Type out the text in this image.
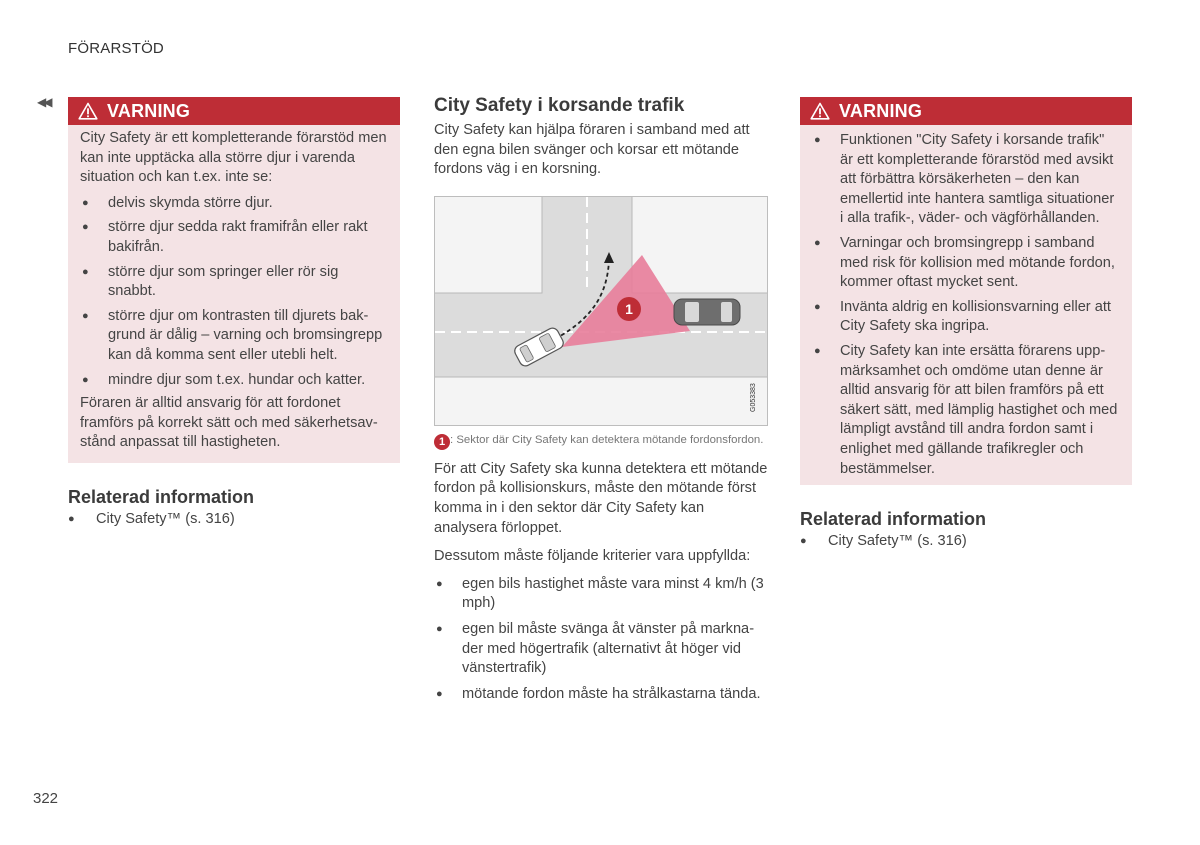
FÖRARSTÖD
◀◀	VARNING

City Safety är ett kompletterande förarstöd men kan inte upptäcka alla större djur i varenda situation och kan t.ex. inte se:

● delvis skymda större djur.
● större djur sedda rakt framifrån eller rakt bakifrån.
● större djur som springer eller rör sig snabbt.
● större djur om kontrasten till djurets bakgrund är dålig – varning och bromsingrepp kan då komma sent eller utebli helt.
● mindre djur som t.ex. hundar och katter.

Föraren är alltid ansvarig för att fordonet framförs på korrekt sätt och med säkerhetsavstånd anpassat till hastigheten.

Relaterad information
● City Safety™ (s. 316)
City Safety i korsande trafik

City Safety kan hjälpa föraren i samband med att den egna bilen svänger och korsar ett mötande fordons väg i en korsning.

1
G053383
1 : Sektor där City Safety kan detektera mötande fordonsfordon.

För att City Safety ska kunna detektera ett mötande fordon på kollisionskurs, måste den mötande först komma in i den sektor där City Safety kan analysera förloppet.

Dessutom måste följande kriterier vara uppfyllda:

● egen bils hastighet måste vara minst 4 km/h (3 mph)
● egen bil måste svänga åt vänster på marknader med högertrafik (alternativt åt höger vid vänstertrafik)
● mötande fordon måste ha strålkastarna tända.
VARNING
● Funktionen "City Safety i korsande trafik" är ett kompletterande förarstöd med avsikt att förbättra körsäkerheten – den kan emellertid inte hantera samtliga situationer i alla trafik-, väder- och vägförhållanden.
● Varningar och bromsingrepp i samband med risk för kollision med mötande fordon, kommer oftast mycket sent.
● Invänta aldrig en kollisionsvarning eller att City Safety ska ingripa.
● City Safety kan inte ersätta förarens uppmärksamhet och omdöme utan denne är alltid ansvarig för att bilen framförs på ett säkert sätt, med lämplig hastighet och med lämpligt avstånd till andra fordon samt i enlighet med gällande trafikregler och bestämmelser.
Relaterad information
● City Safety™ (s. 316)
322
